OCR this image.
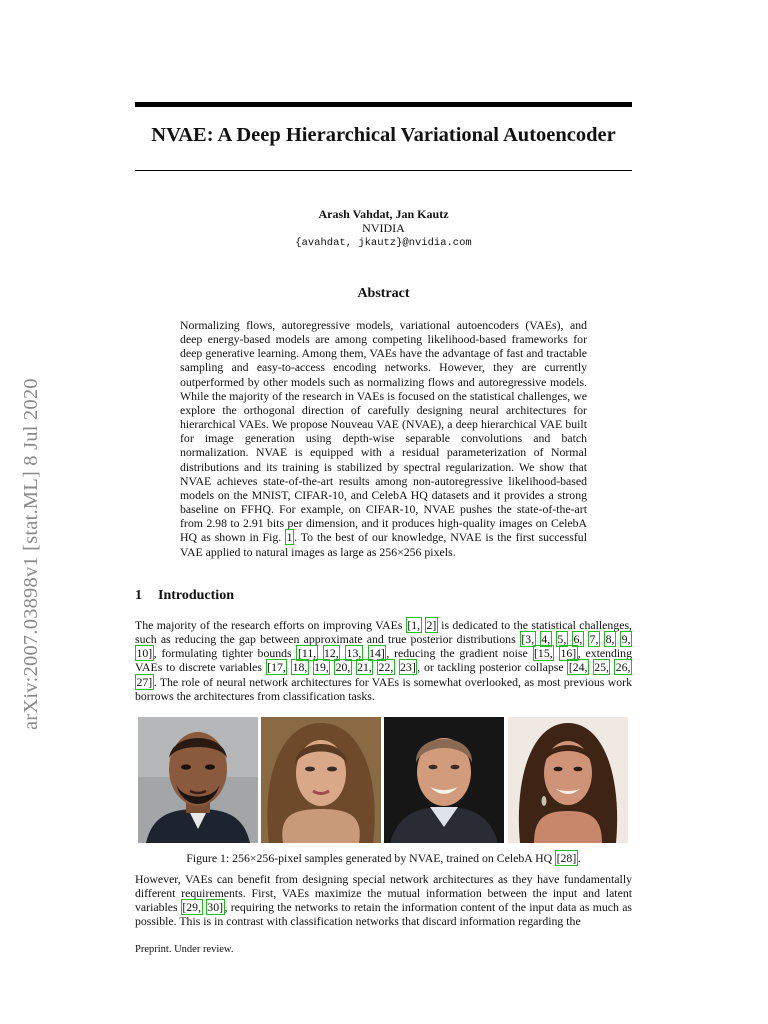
arXiv:2007.03898v1 [stat.ML] 8 Jul 2020
NVAE: A Deep Hierarchical Variational Autoencoder
Arash Vahdat, Jan Kautz
NVIDIA
{avahdat, jkautz}@nvidia.com
Abstract

Normalizing flows, autoregressive models, variational autoencoders (VAEs), and deep energy-based models are among competing likelihood-based frameworks for deep generative learning. Among them, VAEs have the advantage of fast and tractable sampling and easy-to-access encoding networks. However, they are currently outperformed by other models such as normalizing flows and autoregressive models. While the majority of the research in VAEs is focused on the statistical challenges, we explore the orthogonal direction of carefully designing neural architectures for hierarchical VAEs. We propose Nouveau VAE (NVAE), a deep hierarchical VAE built for image generation using depth-wise separable convolutions and batch normalization. NVAE is equipped with a residual parameterization of Normal distributions and its training is stabilized by spectral regularization. We show that NVAE achieves state-of-the-art results among non-autoregressive likelihood-based models on the MNIST, CIFAR-10, and CelebA HQ datasets and it provides a strong baseline on FFHQ. For example, on CIFAR-10, NVAE pushes the state-of-the-art from 2.98 to 2.91 bits per dimension, and it produces high-quality images on CelebA HQ as shown in Fig. 1 . To the best of our knowledge, NVAE is the first successful VAE applied to natural images as large as 256×256 pixels.

1 Introduction

The majority of the research efforts on improving VAEs [1, 2] is dedicated to the statistical challenges, such as reducing the gap between approximate and true posterior distributions [3, 4, 5, 6, 7, 8, 9, 10] , formulating tighter bounds [11, 12, 13, 14] , reducing the gradient noise [15, 16] , extending VAEs to discrete variables [17, 18, 19, 20, 21, 22, 23] , or tackling posterior collapse [24, 25, 26, 27] . The role of neural network architectures for VAEs is somewhat overlooked, as most previous work borrows the architectures from classification tasks.

Figure 1: 256×256-pixel samples generated by NVAE, trained on CelebA HQ [28] .

However, VAEs can benefit from designing special network architectures as they have fundamentally different requirements. First, VAEs maximize the mutual information between the input and latent variables [29, 30] , requiring the networks to retain the information content of the input data as much as possible. This is in contrast with classification networks that discard information regarding the

Preprint. Under review.
